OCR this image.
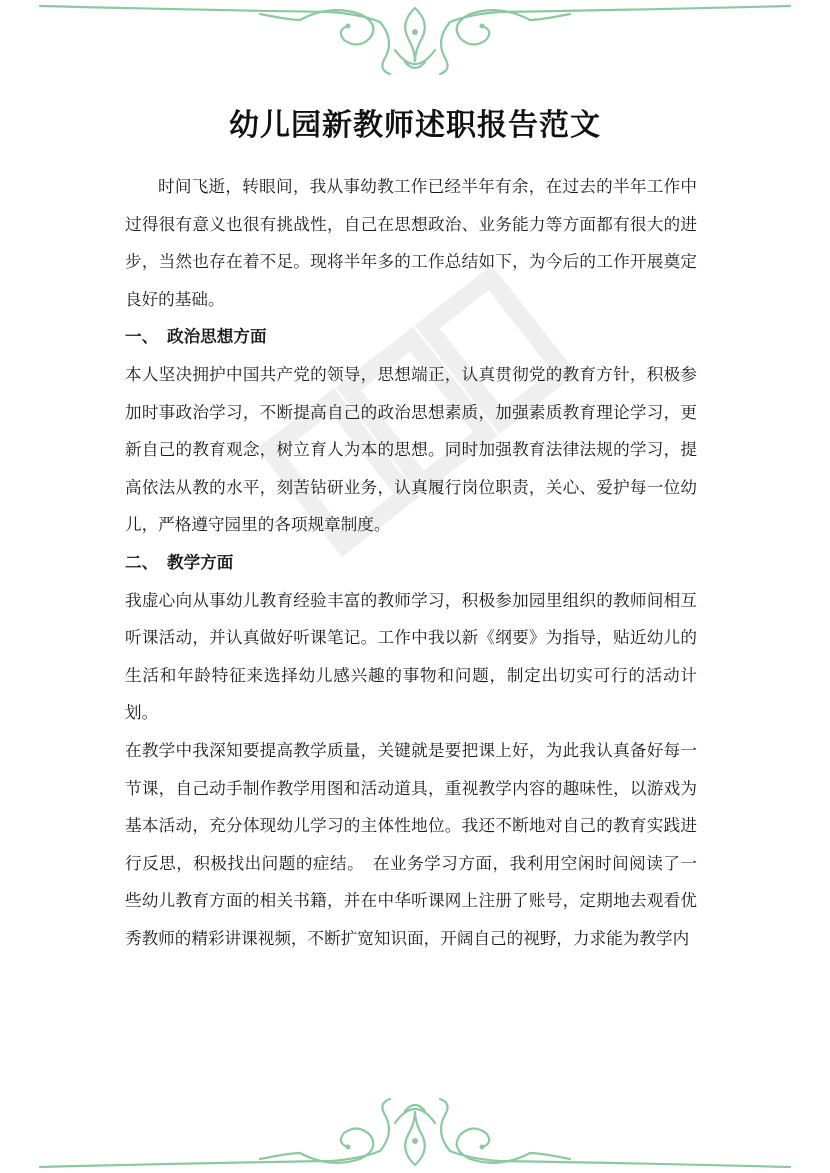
幼儿园新教师述职报告范文

时间飞逝，转眼间，我从事幼教工作已经半年有余，在过去的半年工作中过得很有意义也很有挑战性，自己在思想政治、业务能力等方面都有很大的进步，当然也存在着不足。现将半年多的工作总结如下，为今后的工作开展奠定良好的基础。

一、 政治思想方面

本人坚决拥护中国共产党的领导，思想端正，认真贯彻党的教育方针，积极参加时事政治学习，不断提高自己的政治思想素质，加强素质教育理论学习，更新自己的教育观念，树立育人为本的思想。同时加强教育法律法规的学习，提高依法从教的水平，刻苦钻研业务，认真履行岗位职责，关心、爱护每一位幼儿，严格遵守园里的各项规章制度。

二、 教学方面

我虚心向从事幼儿教育经验丰富的教师学习，积极参加园里组织的教师间相互听课活动，并认真做好听课笔记。工作中我以新《纲要》为指导，贴近幼儿的生活和年龄特征来选择幼儿感兴趣的事物和问题，制定出切实可行的活动计划。

在教学中我深知要提高教学质量，关键就是要把课上好，为此我认真备好每一节课，自己动手制作教学用图和活动道具，重视教学内容的趣味性，以游戏为基本活动，充分体现幼儿学习的主体性地位。我还不断地对自己的教育实践进行反思，积极找出问题的症结。　在业务学习方面，我利用空闲时间阅读了一些幼儿教育方面的相关书籍，并在中华听课网上注册了账号，定期地去观看优秀教师的精彩讲课视频，不断扩宽知识面，开阔自己的视野，力求能为教学内
